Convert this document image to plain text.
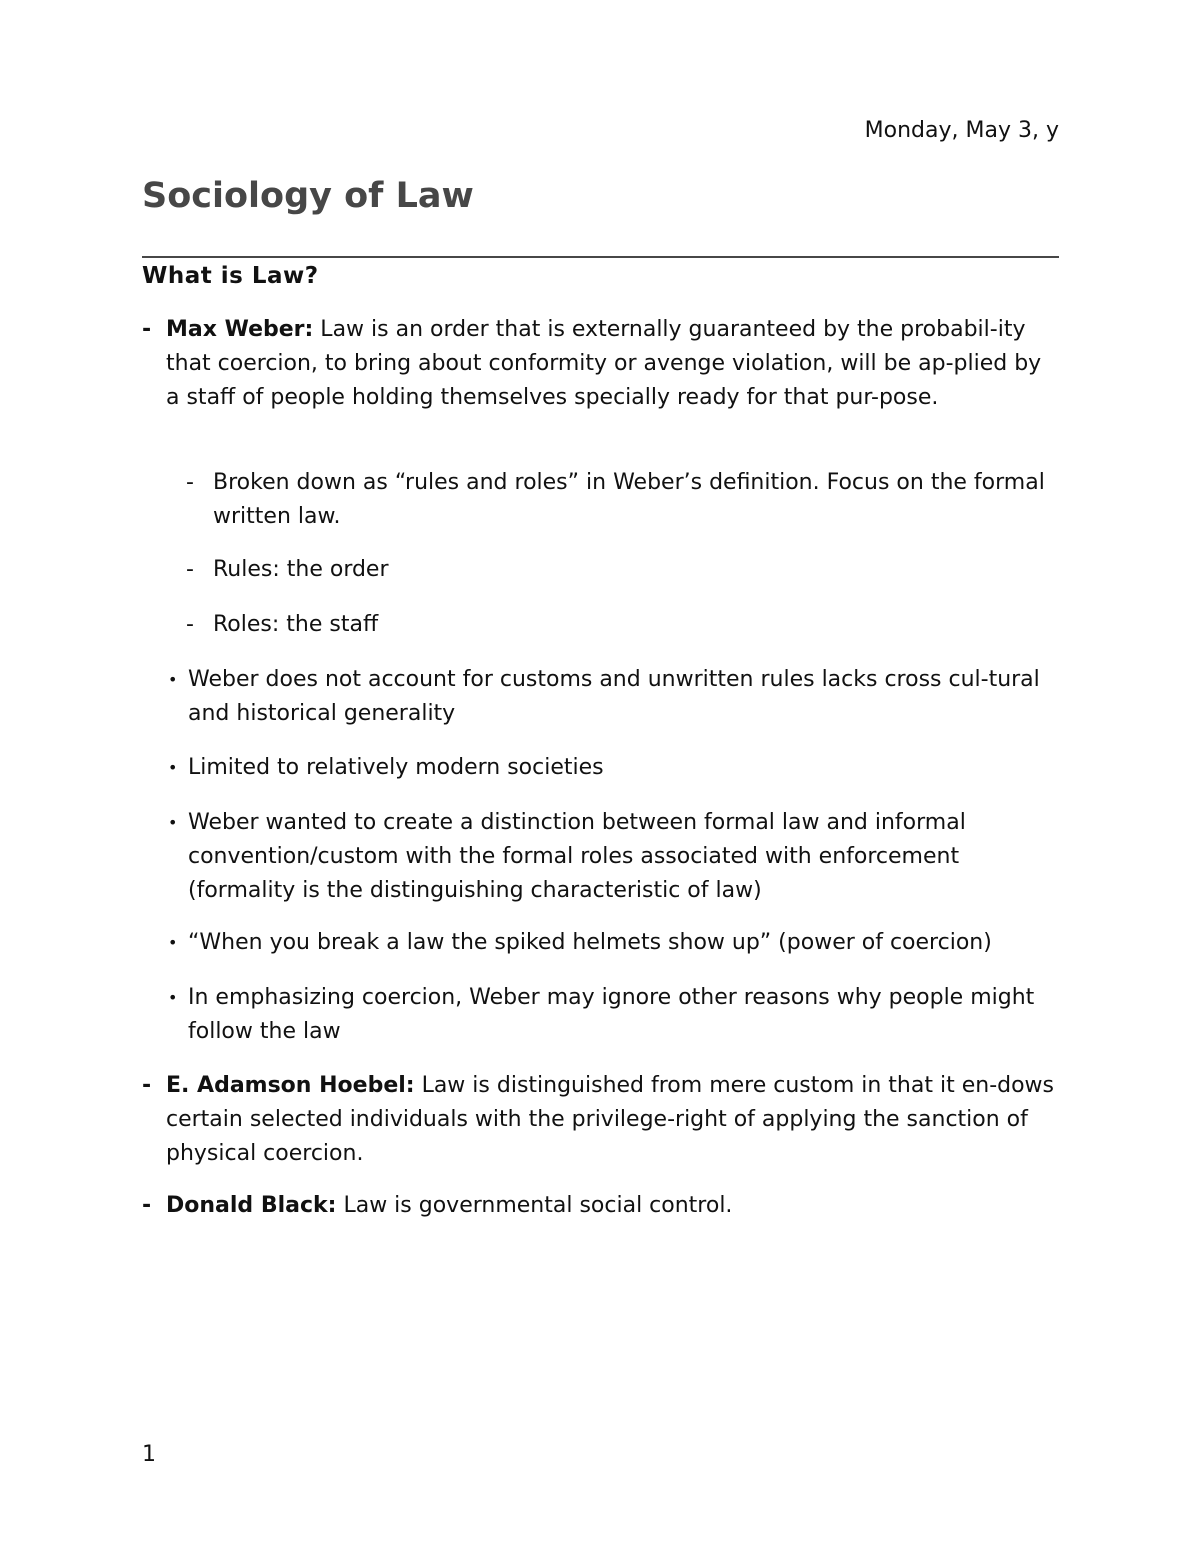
Monday, May 3, y
Sociology of Law
What is Law?
- Max Weber: Law is an order that is externally guaranteed by the probabil-ity that coercion, to bring about conformity or avenge violation, will be ap-plied by a staff of people holding themselves specially ready for that pur-pose.
- Broken down as “rules and roles” in Weber’s definition. Focus on the formal written law.
- Rules: the order
- Roles: the staff
• Weber does not account for customs and unwritten rules lacks cross cul-tural and historical generality
• Limited to relatively modern societies
• Weber wanted to create a distinction between formal law and informal convention/custom with the formal roles associated with enforcement (formality is the distinguishing characteristic of law)
• “When you break a law the spiked helmets show up” (power of coercion)
• In emphasizing coercion, Weber may ignore other reasons why people might follow the law
- E. Adamson Hoebel: Law is distinguished from mere custom in that it en-dows certain selected individuals with the privilege-right of applying the sanction of physical coercion.
- Donald Black: Law is governmental social control.
1
